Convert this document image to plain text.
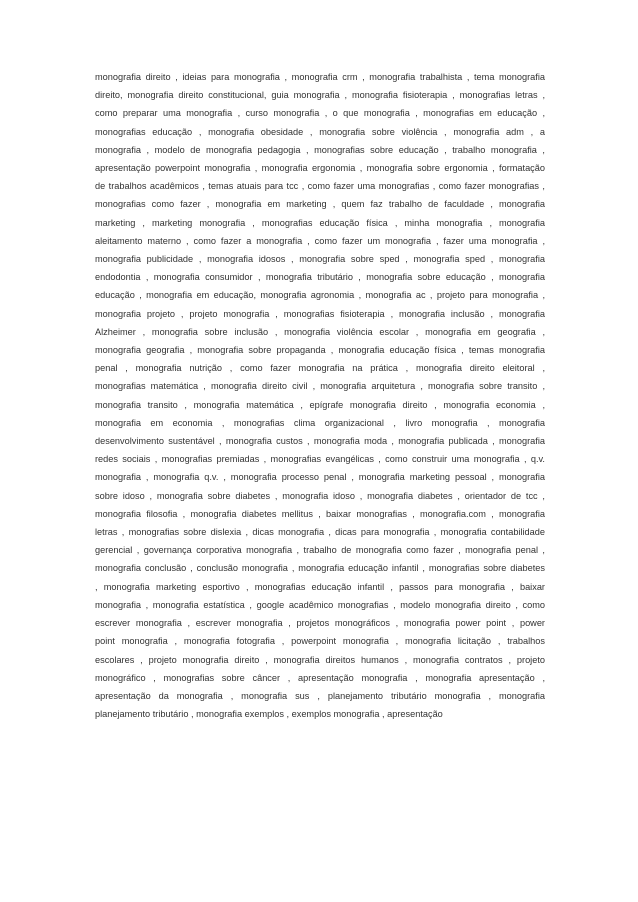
monografia direito , ideias para monografia , monografia crm , monografia trabalhista , tema monografia
direito, monografia direito constitucional, guia monografia , monografia fisioterapia , monografias letras ,
como preparar uma monografia , curso monografia , o que monografia , monografias em educação ,
monografias educação , monografia obesidade , monografia sobre violência , monografia adm , a
monografia , modelo de monografia pedagogia , monografias sobre educação , trabalho monografia ,
apresentação powerpoint monografia , monografia ergonomia , monografia sobre ergonomia , formatação
de trabalhos acadêmicos , temas atuais para tcc , como fazer uma monografias , como fazer monografias ,
monografias como fazer , monografia em marketing , quem faz trabalho de faculdade , monografia
marketing , marketing monografia , monografias educação física , minha monografia , monografia
aleitamento materno , como fazer a monografia , como fazer um monografia , fazer uma monografia ,
monografia publicidade , monografia idosos , monografia sobre sped , monografia sped , monografia
endodontia , monografia consumidor , monografia tributário , monografia sobre educação , monografia
educação , monografia em educação, monografia agronomia , monografia ac , projeto para monografia ,
monografia projeto , projeto monografia , monografias fisioterapia , monografia inclusão , monografia
Alzheimer , monografia sobre inclusão , monografia violência escolar , monografia em geografia ,
monografia geografia , monografia sobre propaganda , monografia educação física , temas monografia
penal , monografia nutrição , como fazer monografia na prática , monografia direito eleitoral ,
monografias matemática , monografia direito civil , monografia arquitetura , monografia sobre transito ,
monografia transito , monografia matemática , epígrafe monografia direito , monografia economia ,
monografia em economia , monografias clima organizacional , livro monografia , monografia
desenvolvimento sustentável , monografia custos , monografia moda , monografia publicada , monografia
redes sociais , monografias premiadas , monografias evangélicas , como construir uma monografia , q.v.
monografia , monografia q.v. , monografia processo penal , monografia marketing pessoal , monografia
sobre idoso , monografia sobre diabetes , monografia idoso , monografia diabetes , orientador de tcc ,
monografia filosofia , monografia diabetes mellitus , baixar monografias , monografia.com , monografia
letras , monografias sobre dislexia , dicas monografia , dicas para monografia , monografia contabilidade
gerencial , governança corporativa monografia , trabalho de monografia como fazer , monografia penal ,
monografia conclusão , conclusão monografia , monografia educação infantil , monografias sobre diabetes
, monografia marketing esportivo , monografias educação infantil , passos para monografia , baixar
monografia , monografia estatística , google acadêmico monografias , modelo monografia direito , como
escrever monografia , escrever monografia , projetos monográficos , monografia power point , power
point monografia , monografia fotografia , powerpoint monografia , monografia licitação , trabalhos
escolares , projeto monografia direito , monografia direitos humanos , monografia contratos , projeto
monográfico , monografias sobre câncer , apresentação monografia , monografia apresentação ,
apresentação da monografia , monografia sus , planejamento tributário monografia , monografia
planejamento tributário , monografia exemplos , exemplos monografia , apresentação
